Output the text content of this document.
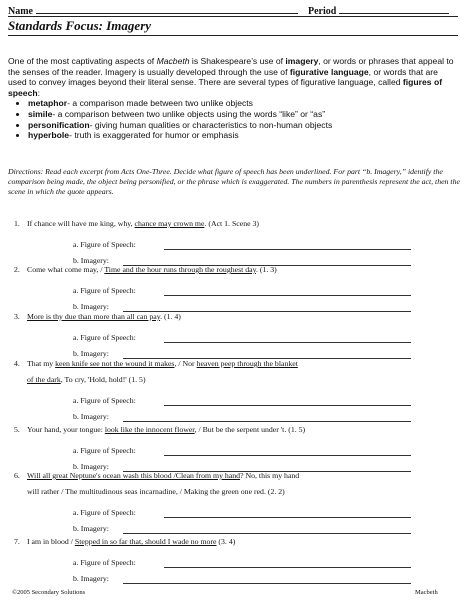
Name	Period
Standards Focus: Imagery
One of the most captivating aspects of Macbeth is Shakespeare’s use of imagery, or words or phrases that appeal to the senses of the reader. Imagery is usually developed through the use of figurative language, or words that are used to convey images beyond their literal sense. There are several types of figurative language, called figures of speech:
• metaphor- a comparison made between two unlike objects
• simile- a comparison between two unlike objects using the words “like” or “as”
• personification- giving human qualities or characteristics to non-human objects
• hyperbole- truth is exaggerated for humor or emphasis
Directions: Read each excerpt from Acts One-Three. Decide what figure of speech has been underlined. For part “b. Imagery,” identify the comparison being made, the object being personified, or the phrase which is exaggerated. The numbers in parenthesis represent the act, then the scene in which the quote appears.
1. If chance will have me king, why, chance may crown me. (Act 1. Scene 3)
a. Figure of Speech:
b. Imagery:
2. Come what come may, / Time and the hour runs through the roughest day. (1. 3)
a. Figure of Speech:
b. Imagery:
3. More is thy due than more than all can pay. (1. 4)
a. Figure of Speech:
b. Imagery:
4. That my keen knife see not the wound it makes, / Nor heaven peep through the blanket
of the dark, To cry, 'Hold, hold!' (1. 5)
a. Figure of Speech:
b. Imagery:
5. Your hand, your tongue: look like the innocent flower, / But be the serpent under 't. (1. 5)
a. Figure of Speech:
b. Imagery:
6. Will all great Neptune's ocean wash this blood /Clean from my hand? No, this my hand
will rather / The multitudinous seas incarnadine, / Making the green one red. (2. 2)
a. Figure of Speech:
b. Imagery:
7. I am in blood / Stepped in so far that, should I wade no more (3. 4)
a. Figure of Speech:
b. Imagery:
©2005 Secondary Solutions	Macbeth
